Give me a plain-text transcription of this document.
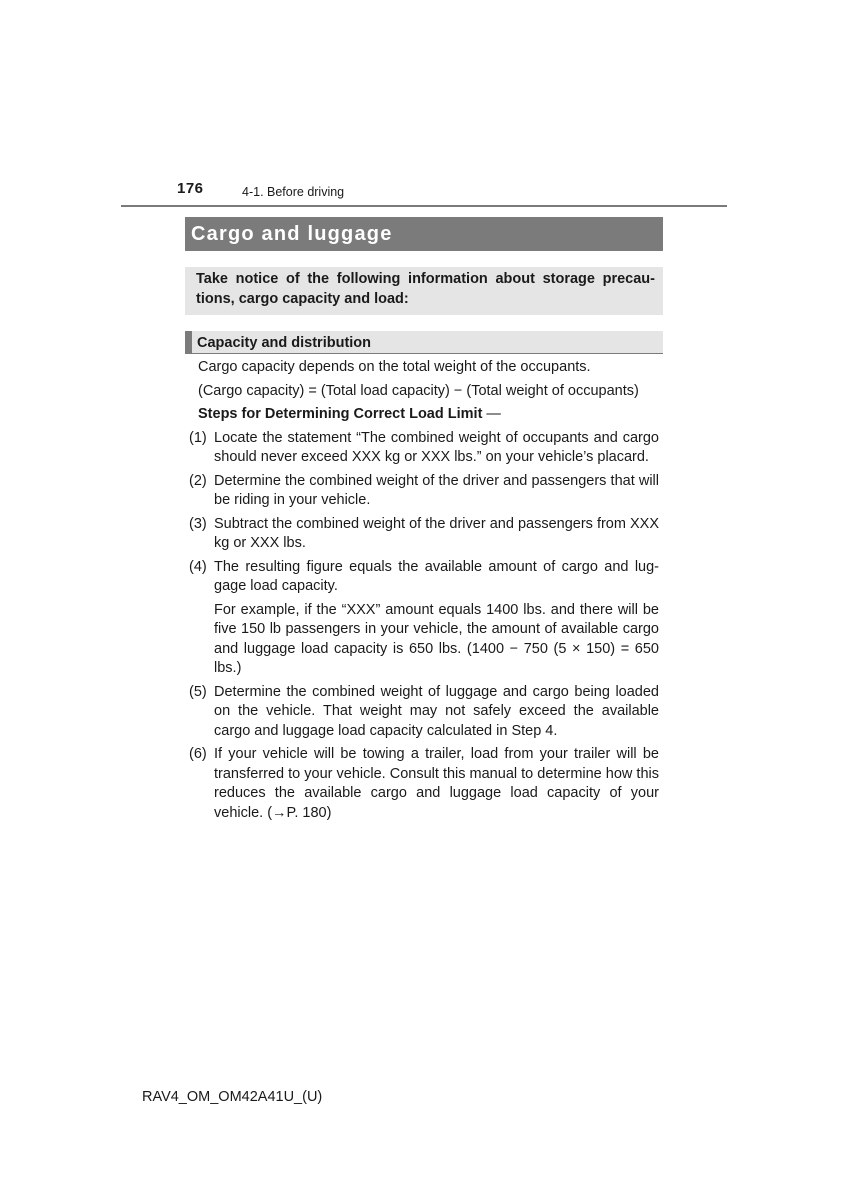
176	4-1. Before driving
Cargo and luggage
Take notice of the following information about storage precau-tions, cargo capacity and load:
Capacity and distribution

Cargo capacity depends on the total weight of the occupants.

(Cargo capacity) = (Total load capacity) − (Total weight of occupants)

Steps for Determining Correct Load Limit —

(1) Locate the statement “The combined weight of occupants and cargo should never exceed XXX kg or XXX lbs.” on your vehicle’s placard.
(2) Determine the combined weight of the driver and passengers that will be riding in your vehicle.
(3) Subtract the combined weight of the driver and passengers from XXX kg or XXX lbs.
(4) The resulting figure equals the available amount of cargo and lug-gage load capacity.

For example, if the “XXX” amount equals 1400 lbs. and there will be five 150 lb passengers in your vehicle, the amount of available cargo and luggage load capacity is 650 lbs. (1400 − 750 (5 × 150) = 650 lbs.)

(5) Determine the combined weight of luggage and cargo being loaded on the vehicle. That weight may not safely exceed the available cargo and luggage load capacity calculated in Step 4.
(6) If your vehicle will be towing a trailer, load from your trailer will be transferred to your vehicle. Consult this manual to determine how this reduces the available cargo and luggage load capacity of your vehicle. (→P. 180)
RAV4_OM_OM42A41U_(U)
